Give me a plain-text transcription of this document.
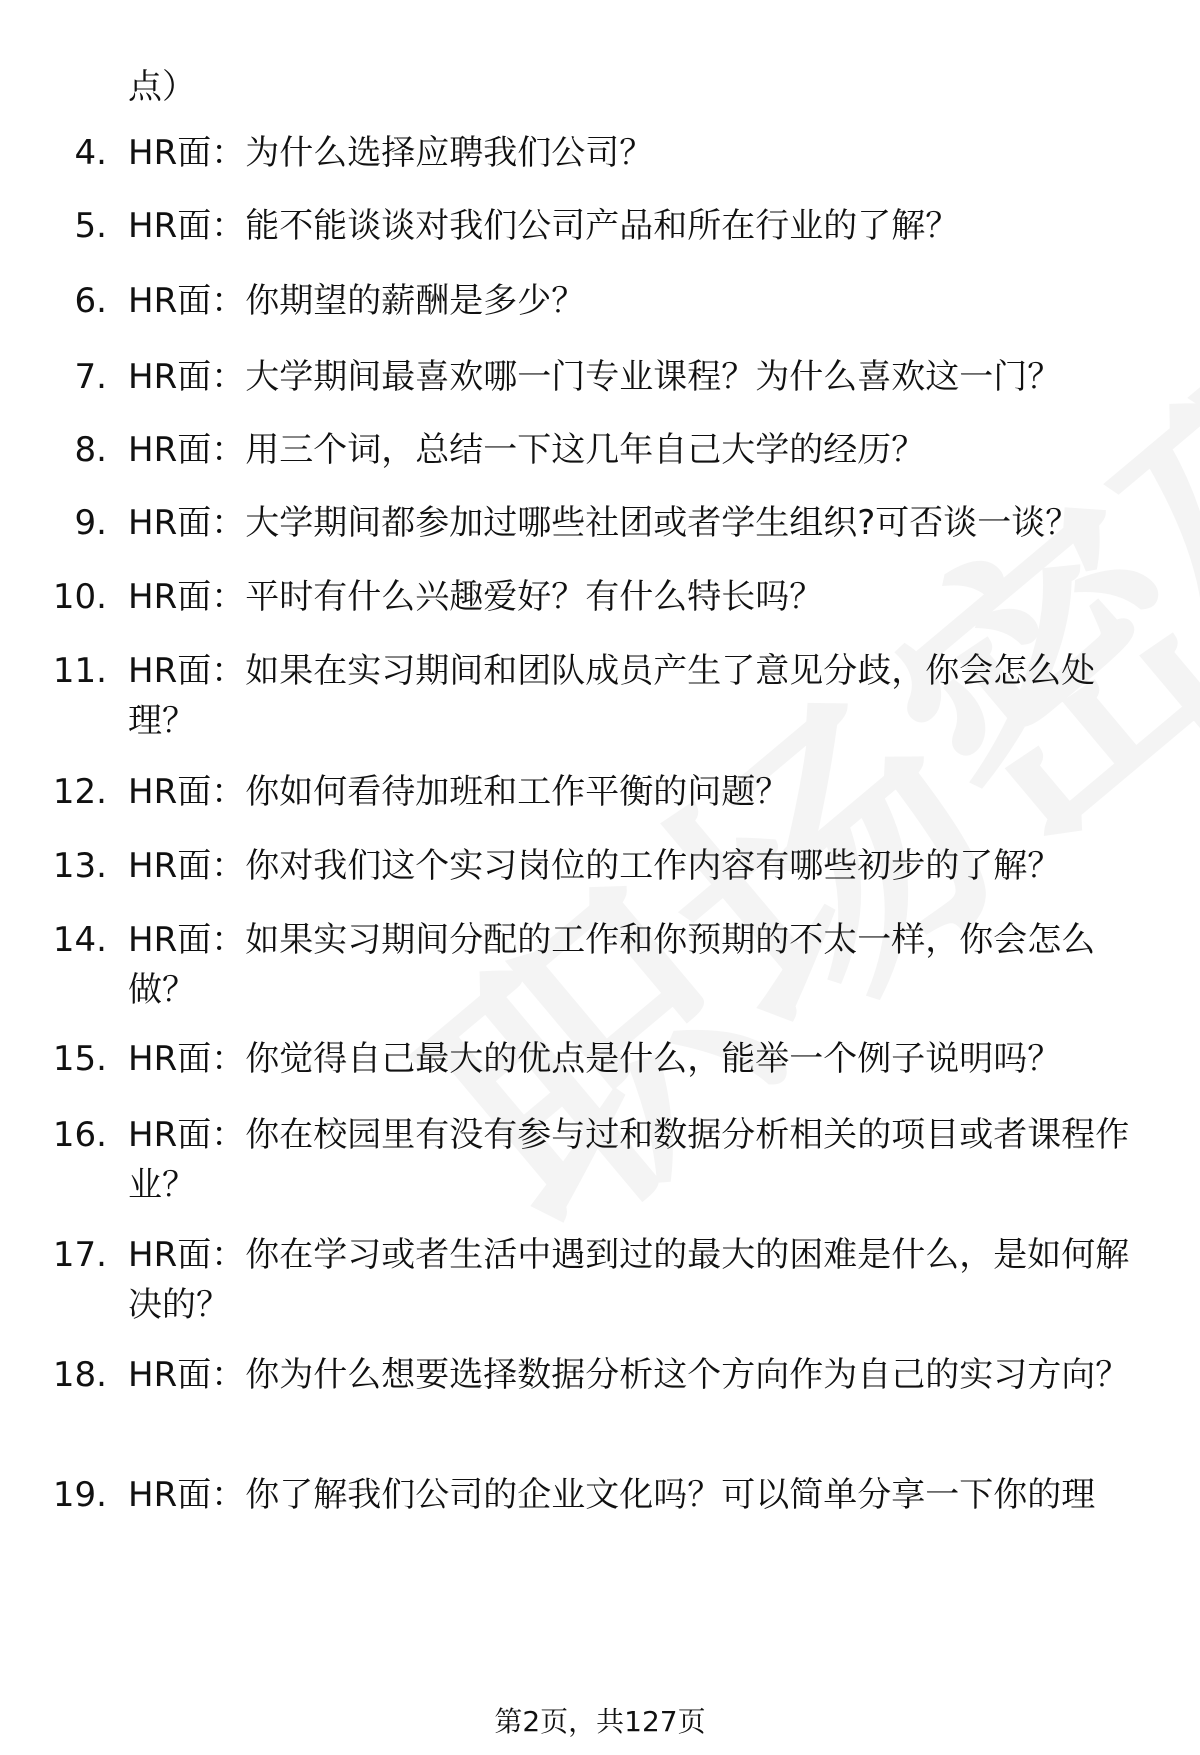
点）
4. HR面：为什么选择应聘我们公司？
5. HR面：能不能谈谈对我们公司产品和所在行业的了解？
6. HR面：你期望的薪酬是多少？
7. HR面：大学期间最喜欢哪一门专业课程？为什么喜欢这一门？
8. HR面：用三个词，总结一下这几年自己大学的经历？
9. HR面：大学期间都参加过哪些社团或者学生组织?可否谈一谈？
10. HR面：平时有什么兴趣爱好？有什么特长吗？
11. HR面：如果在实习期间和团队成员产生了意见分歧，你会怎么处理？
12. HR面：你如何看待加班和工作平衡的问题？
13. HR面：你对我们这个实习岗位的工作内容有哪些初步的了解？
14. HR面：如果实习期间分配的工作和你预期的不太一样，你会怎么做？
15. HR面：你觉得自己最大的优点是什么，能举一个例子说明吗？
16. HR面：你在校园里有没有参与过和数据分析相关的项目或者课程作业？
17. HR面：你在学习或者生活中遇到过的最大的困难是什么，是如何解决的？
18. HR面：你为什么想要选择数据分析这个方向作为自己的实习方向？
19. HR面：你了解我们公司的企业文化吗？可以简单分享一下你的理
第2页，共127页
